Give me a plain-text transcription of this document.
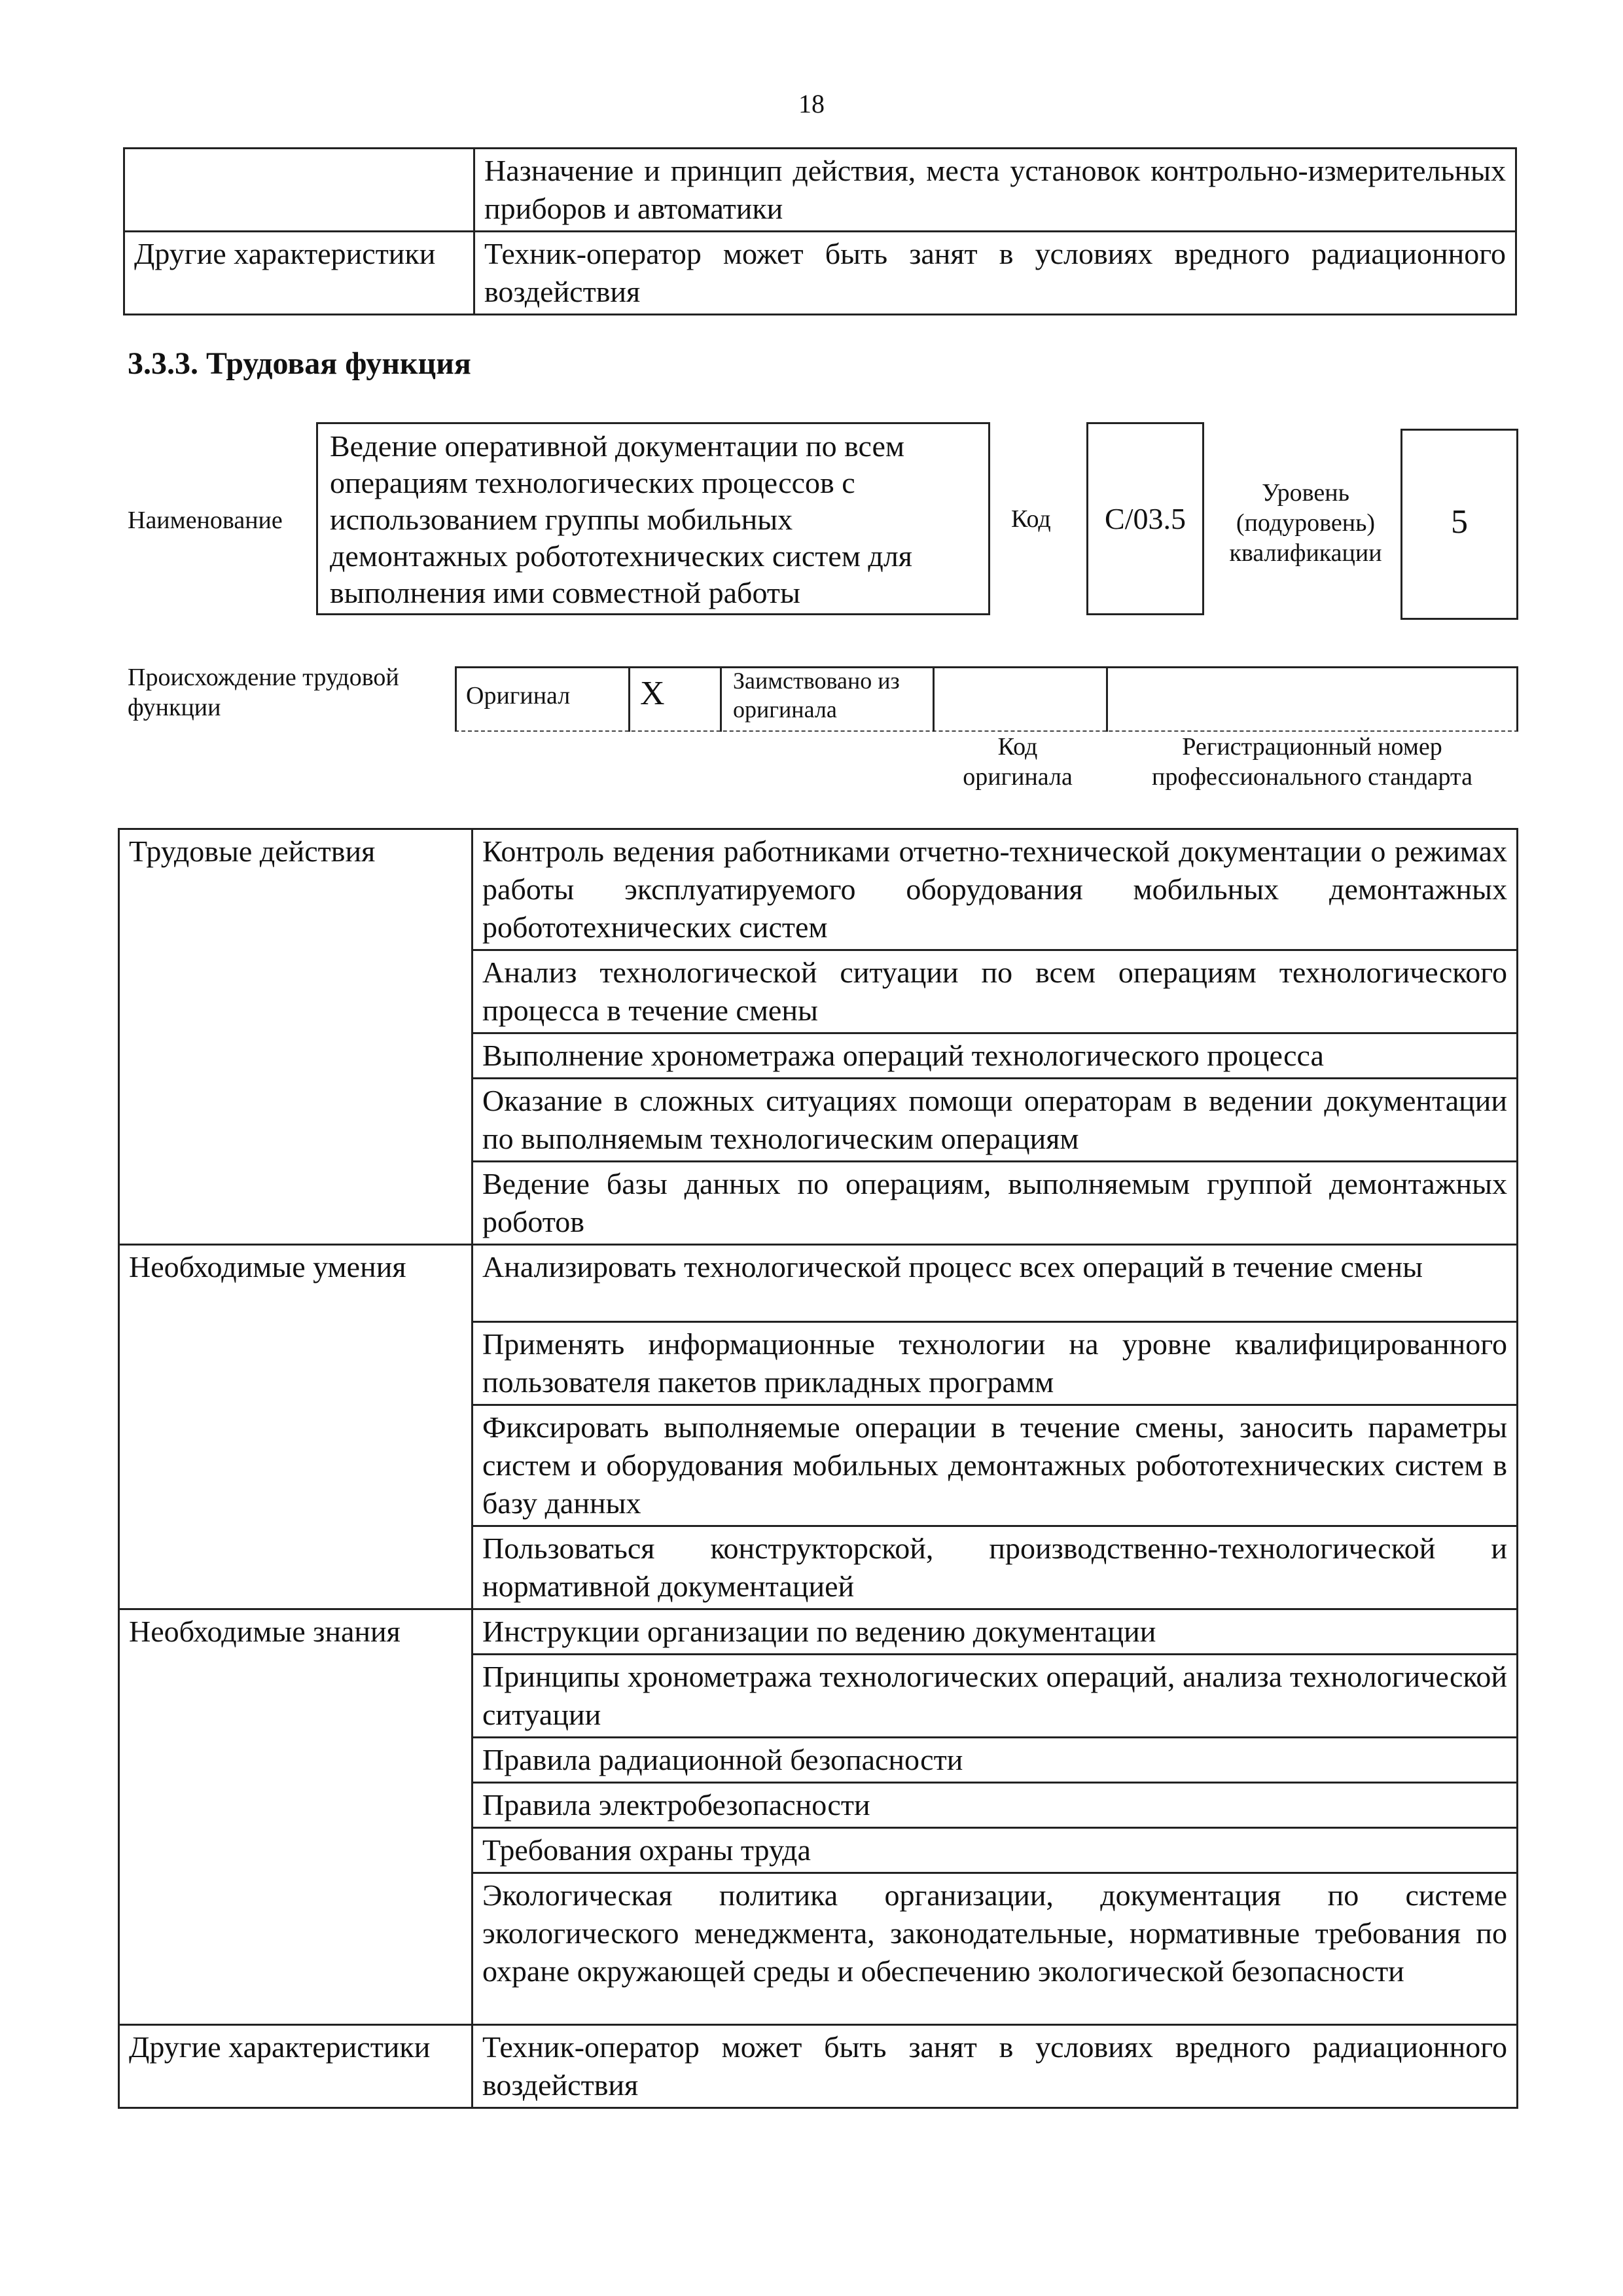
18
	Назначение и принцип действия, места установок контрольно-измерительных приборов и автоматики
Другие характеристики	Техник-оператор может быть занят в условиях вредного радиационного воздействия
3.3.3. Трудовая функция
Наименование
Ведение оперативной документации по всем операциям технологических процессов с использованием группы мобильных демонтажных робототехнических систем для выполнения ими совместной работы
Код	C/03.5
Уровень (подуровень) квалификации
5
Происхождение трудовой функции	Оригинал X	Заимствовано из оригинала
Код оригинала
Регистрационный номер профессионального стандарта
Трудовые действия	Контроль ведения работниками отчетно-технической документации о режимах работы эксплуатируемого оборудования мобильных демонтажных робототехнических систем
	Анализ технологической ситуации по всем операциям технологического процесса в течение смены
	Выполнение хронометража операций технологического процесса
	Оказание в сложных ситуациях помощи операторам в ведении документации по выполняемым технологическим операциям
	Ведение базы данных по операциям, выполняемым группой демонтажных роботов
Необходимые умения	Анализировать технологической процесс всех операций в течение смены
	Применять информационные технологии на уровне квалифицированного пользователя пакетов прикладных программ
	Фиксировать выполняемые операции в течение смены, заносить параметры систем и оборудования мобильных демонтажных робототехнических систем в базу данных
	Пользоваться конструкторской, производственно-технологической и нормативной документацией
Необходимые знания	Инструкции организации по ведению документации
	Принципы хронометража технологических операций, анализа технологической ситуации
	Правила радиационной безопасности
	Правила электробезопасности
	Требования охраны труда
	Экологическая политика организации, документация по системе экологического менеджмента, законодательные, нормативные требования по охране окружающей среды и обеспечению экологической безопасности
Другие характеристики	Техник-оператор может быть занят в условиях вредного радиационного воздействия
